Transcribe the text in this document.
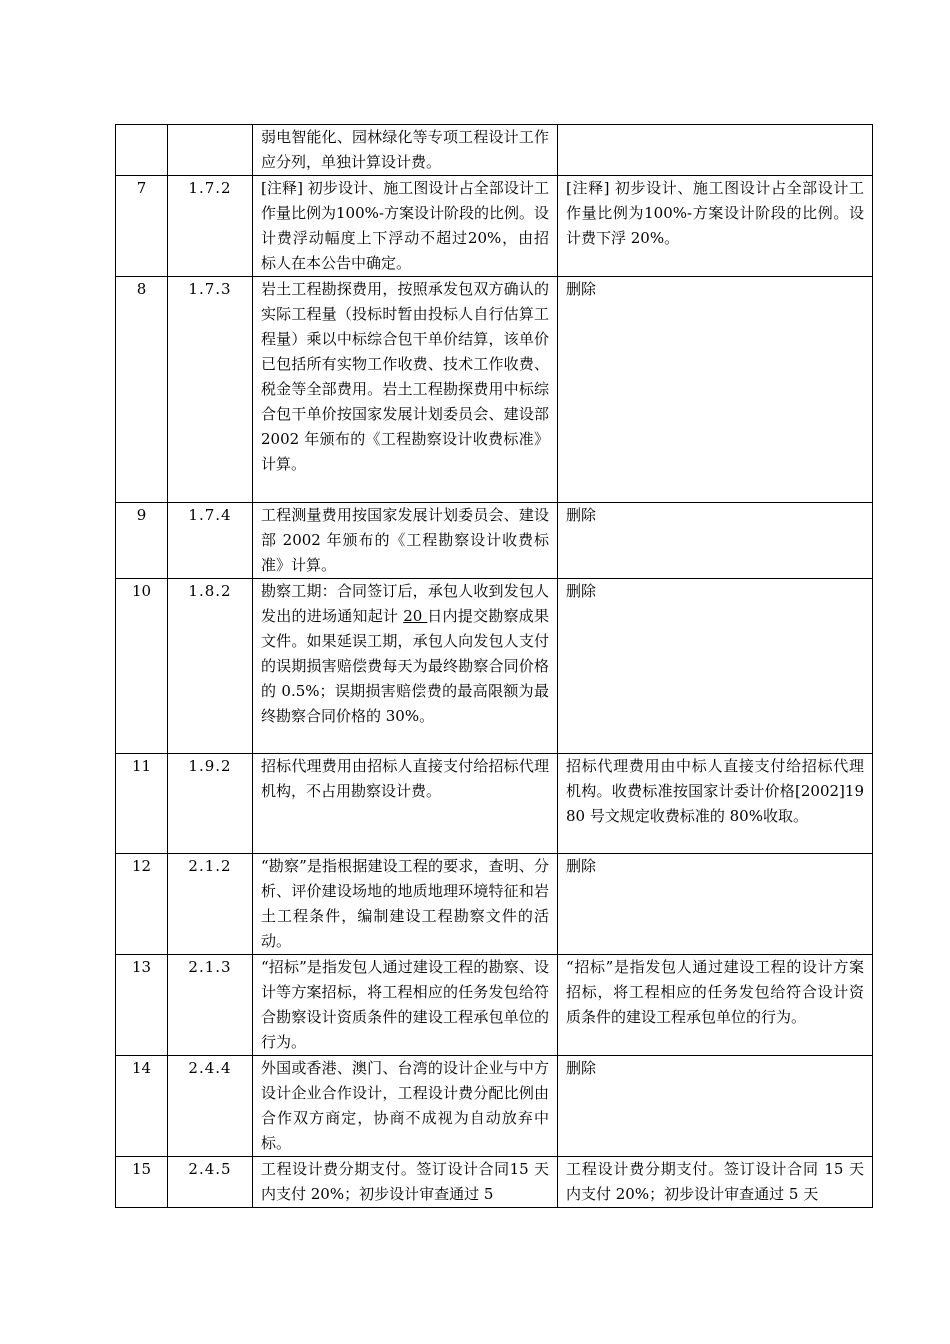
		弱电智能化、园林绿化等专项工程设计工作应分列，单独计算设计费。	
7	1.7.2	[注释] 初步设计、施工图设计占全部设计工作量比例为100%-方案设计阶段的比例。设计费浮动幅度上下浮动不超过20%，由招标人在本公告中确定。	[注释] 初步设计、施工图设计占全部设计工作量比例为100%-方案设计阶段的比例。设计费下浮 20%。
8	1.7.3	岩土工程勘探费用，按照承发包双方确认的实际工程量（投标时暂由投标人自行估算工程量）乘以中标综合包干单价结算，该单价已包括所有实物工作收费、技术工作收费、税金等全部费用。岩土工程勘探费用中标综合包干单价按国家发展计划委员会、建设部2002 年颁布的《工程勘察设计收费标准》计算。	删除
9	1.7.4	工程测量费用按国家发展计划委员会、建设部 2002 年颁布的《工程勘察设计收费标准》计算。	删除
10	1.8.2	勘察工期：合同签订后，承包人收到发包人发出的进场通知起计 20 日内提交勘察成果文件。如果延误工期，承包人向发包人支付的误期损害赔偿费每天为最终勘察合同价格的 0.5%；误期损害赔偿费的最高限额为最终勘察合同价格的 30%。	删除
11	1.9.2	招标代理费用由招标人直接支付给招标代理机构，不占用勘察设计费。	招标代理费用由中标人直接支付给招标代理机构。收费标准按国家计委计价格[2002]1980 号文规定收费标准的 80%收取。
12	2.1.2	“勘察”是指根据建设工程的要求，查明、分析、评价建设场地的地质地理环境特征和岩土工程条件，编制建设工程勘察文件的活动。	删除
13	2.1.3	“招标”是指发包人通过建设工程的勘察、设计等方案招标，将工程相应的任务发包给符合勘察设计资质条件的建设工程承包单位的行为。	“招标”是指发包人通过建设工程的设计方案招标，将工程相应的任务发包给符合设计资质条件的建设工程承包单位的行为。
14	2.4.4	外国或香港、澳门、台湾的设计企业与中方设计企业合作设计，工程设计费分配比例由合作双方商定，协商不成视为自动放弃中标。	删除
15	2.4.5	工程设计费分期支付。签订设计合同15 天内支付 20%；初步设计审查通过 5	工程设计费分期支付。签订设计合同 15 天内支付 20%；初步设计审查通过 5 天
